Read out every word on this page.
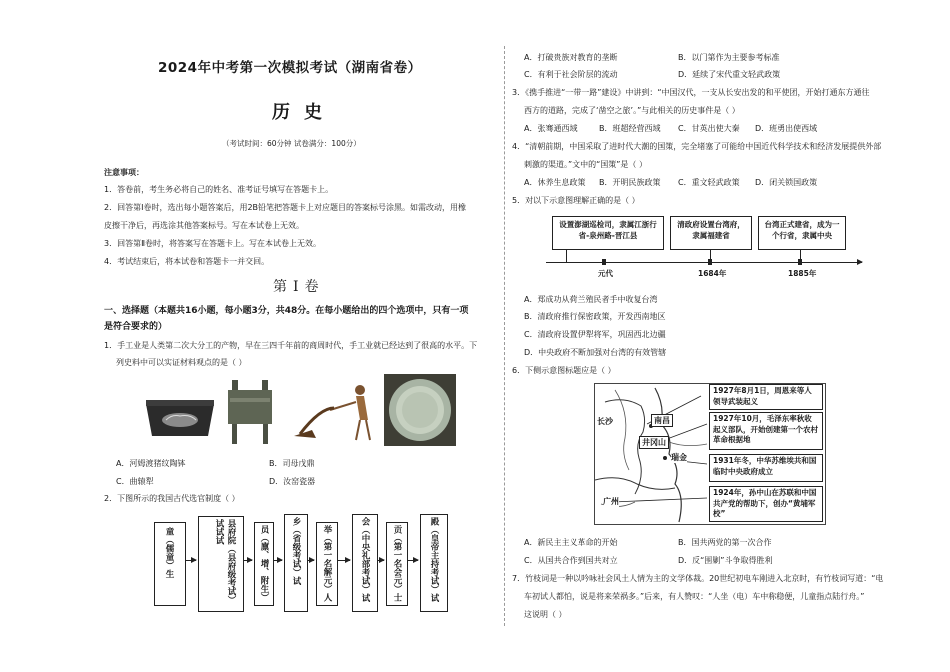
2024年中考第一次模拟考试（湖南省卷）
历史
（考试时间：60分钟 试卷满分：100分）
注意事项：
1．答卷前，考生务必将自己的姓名、准考证号填写在答题卡上。
2．回答第Ⅰ卷时，选出每小题答案后，用2B铅笔把答题卡上对应题目的答案标号涂黑。如需改动，用橡
皮擦干净后，再选涂其他答案标号。写在本试卷上无效。
3．回答第Ⅱ卷时，将答案写在答题卡上。写在本试卷上无效。
4．考试结束后，将本试卷和答题卡一并交回。
第Ⅰ卷
一、选择题（本题共16小题，每小题3分，共48分。在每小题给出的四个选项中，只有一项
是符合要求的）
1．手工业是人类第二次大分工的产物，早在三四千年前的商周时代，手工业就已经达到了很高的水平。下
列史料中可以实证材料观点的是（ ）
A．河姆渡猪纹陶钵	B．司母戊鼎
C．曲辕犁	D．汝窑瓷器
2．下图所示的我国古代选官制度（ ）
童（儒童）生	县府院（县府级考试）试试试	员（廪、增、附生）	乡（省级考试）试 举（第一名解元）人	会（中央礼部考试）试	贡（第一名会元）士	殿（皇帝主持考试）试
A．打破贵族对教育的垄断	B．以门第作为主要参考标准
C．有利于社会阶层的流动	D．延续了宋代重文轻武政策
3．《携手推进“一带一路”建设》中讲到：“中国汉代，一支从长安出发的和平使团，开始打通东方通往
西方的道路，完成了‘凿空之旅’。”与此相关的历史事件是（ ）
A．张骞通西域	B．班超经营西域 C．甘英出使大秦 D．班勇出使西域
4．“清朝前期，中国采取了进时代大潮的国策，完全堵塞了可能给中国近代科学技术和经济发展提供外部
刺激的渠道。”文中的“国策”是（ ）
A．休养生息政策 B．开明民族政策 C．重文轻武政策 D．闭关锁国政策
5．对以下示意图理解正确的是（ ）
设置澎湖巡检司，隶属江浙行省-泉州路-晋江县
清政府设置台湾府，隶属福建省
台湾正式建省，成为一个行省，隶属中央
元代	1684年	1885年
A．郑成功从荷兰殖民者手中收复台湾
B．清政府推行保密政策，开发西南地区
C．清政府设置伊犁将军，巩固西北边疆
D．中央政府不断加强对台湾的有效管辖
6．下侧示意图标题应是（ ）
长沙	南昌
井冈山
瑞金
广州
1927年8月1日，周恩来等人领导武装起义
1927年10月，毛泽东率秋收起义部队，开始创建第一个农村革命根据地
1931年冬，中华苏维埃共和国临时中央政府成立
1924年，孙中山在苏联和中国共产党的帮助下，创办“黄埔军校”
A．新民主主义革命的开始	B．国共两党的第一次合作
C．从国共合作到国共对立	D．反“围剿”斗争取得胜利
7．竹枝词是一种以吟咏社会风土人情为主的文学体裁。20世纪初电车刚进入北京时，有竹枝词写道：“电
车初试人都怕，说是将来荣祸多。”后来，有人赞叹：“人坐（电）车中称稳便，儿童指点陆行舟。”
这说明（ ）
